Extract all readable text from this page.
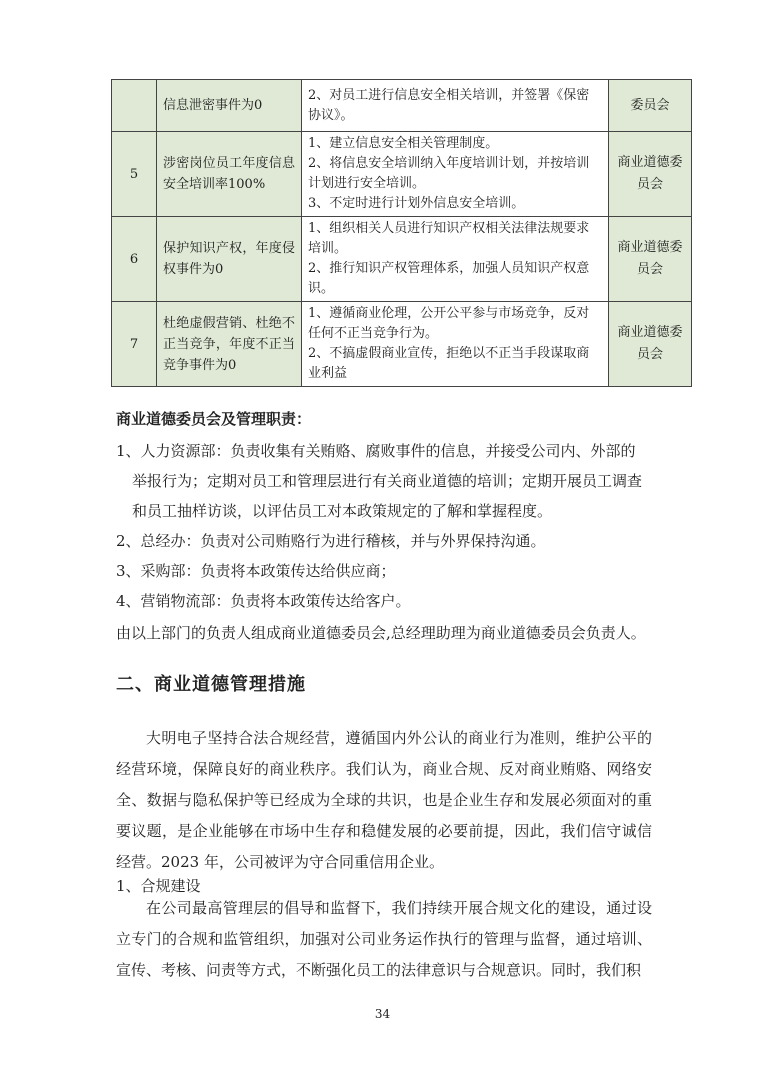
	信息泄密事件为0	2、对员工进行信息安全相关培训，并签署《保密协议》。	委员会
5	涉密岗位员工年度信息安全培训率100%	1、建立信息安全相关管理制度。
2、将信息安全培训纳入年度培训计划，并按培训计划进行安全培训。
3、不定时进行计划外信息安全培训。	商业道德委员会
6	保护知识产权，年度侵权事件为0	1、组织相关人员进行知识产权相关法律法规要求培训。
2、推行知识产权管理体系，加强人员知识产权意识。	商业道德委员会
7	杜绝虚假营销、杜绝不正当竞争，年度不正当竞争事件为0	1、遵循商业伦理，公开公平参与市场竞争，反对任何不正当竞争行为。
2、不搞虚假商业宣传，拒绝以不正当手段谋取商业利益	商业道德委员会
商业道德委员会及管理职责：
1、人力资源部：负责收集有关贿赂、腐败事件的信息，并接受公司内、外部的
举报行为；定期对员工和管理层进行有关商业道德的培训；定期开展员工调查
和员工抽样访谈，以评估员工对本政策规定的了解和掌握程度。
2、总经办：负责对公司贿赂行为进行稽核，并与外界保持沟通。
3、采购部：负责将本政策传达给供应商；
4、营销物流部：负责将本政策传达给客户。
由以上部门的负责人组成商业道德委员会,总经理助理为商业道德委员会负责人。
二、商业道德管理措施

大明电子坚持合法合规经营，遵循国内外公认的商业行为准则，维护公平的经营环境，保障良好的商业秩序。我们认为，商业合规、反对商业贿赂、网络安全、数据与隐私保护等已经成为全球的共识，也是企业生存和发展必须面对的重要议题，是企业能够在市场中生存和稳健发展的必要前提，因此，我们信守诚信经营。2023 年，公司被评为守合同重信用企业。

1、合规建设

在公司最高管理层的倡导和监督下，我们持续开展合规文化的建设，通过设立专门的合规和监管组织，加强对公司业务运作执行的管理与监督，通过培训、宣传、考核、问责等方式，不断强化员工的法律意识与合规意识。同时，我们积

34
